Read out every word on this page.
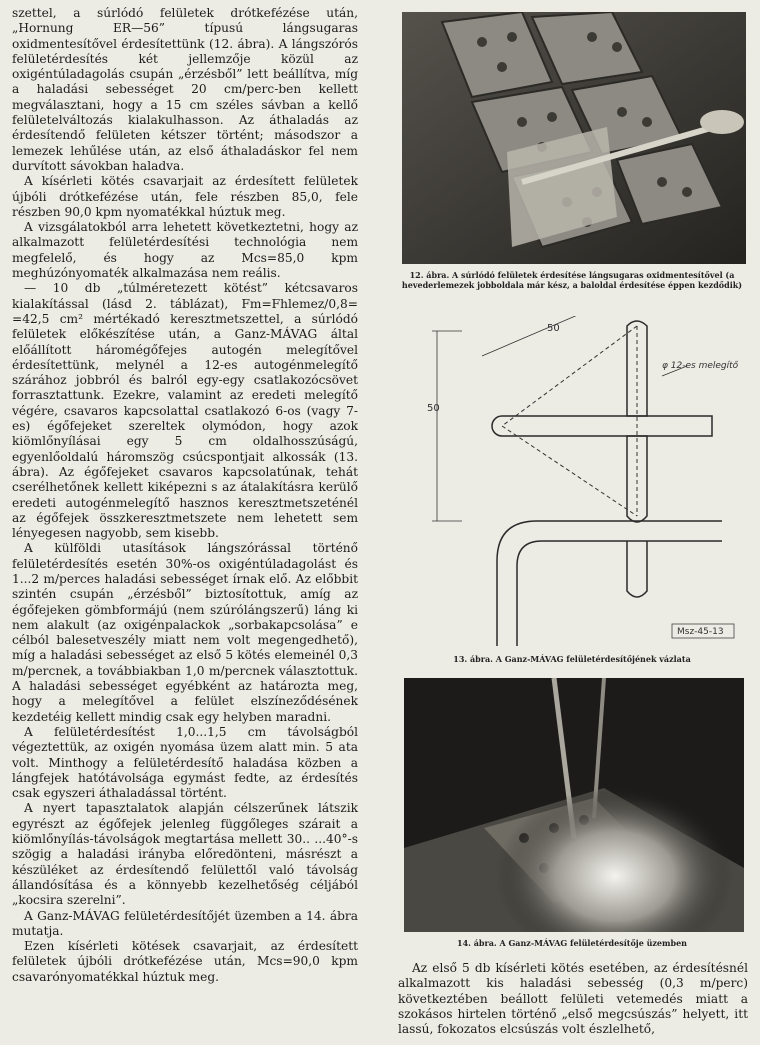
szettel, a súrlódó felületek drótkefézése után, „Hornung ER—56” típusú lángsugaras oxidmentesítővel érdesítettünk (12. ábra). A lángszórós felületérdesítés két jellemzője közül az oxigéntúladagolás csupán „érzésből” lett beállítva, míg a haladási sebességet 20 cm/perc-ben kellett megválasztani, hogy a 15 cm széles sávban a kellő felületelváltozás kialakulhasson. Az áthaladás az érdesítendő felületen kétszer történt; másodszor a lemezek lehűlése után, az első áthaladáskor fel nem durvított sávokban haladva.

A kísérleti kötés csavarjait az érdesített felületek újbóli drótkefézése után, fele részben 85,0, fele részben 90,0 kpm nyomatékkal húztuk meg.

A vizsgálatokból arra lehetett következtetni, hogy az alkalmazott felületérdesítési technológia nem megfelelő, és hogy az Mcs=85,0 kpm meghúzónyomaték alkalmazása nem reális.

— 10 db „túlméretezett kötést” kétcsavaros kialakítással (lásd 2. táblázat), Fm=Fhlemez/0,8= =42,5 cm² mértékadó keresztmetszettel, a súrlódó felületek előkészítése után, a Ganz-MÁVAG által előállított háromégőfejes autogén melegítővel érdesítettünk, melynél a 12-es autogénmelegítő szárához jobbról és balról egy-egy csatlakozócsövet forrasztattunk. Ezekre, valamint az eredeti melegítő végére, csavaros kapcsolattal csatlakozó 6-os (vagy 7-es) égőfejeket szereltek olymódon, hogy azok kiömlőnyílásai egy 5 cm oldalhosszúságú, egyenlőoldalú háromszög csúcspontjait alkossák (13. ábra). Az égőfejeket csavaros kapcsolatúnak, tehát cserélhetőnek kellett kiképezni s az átalakításra kerülő eredeti autogénmelegítő hasznos keresztmetszeténél az égőfejek összkeresztmetszete nem lehetett sem lényegesen nagyobb, sem kisebb.

A külföldi utasítások lángszórással történő felületérdesítés esetén 30%-os oxigéntúladagolást és 1...2 m/perces haladási sebességet írnak elő. Az előbbit szintén csupán „érzésből” biztosítottuk, amíg az égőfejeken gömbformájú (nem szúrólángszerű) láng ki nem alakult (az oxigénpalackok „sorbakapcsolása” e célból balesetveszély miatt nem volt megengedhető), míg a haladási sebességet az első 5 kötés elemeinél 0,3 m/percnek, a továbbiakban 1,0 m/percnek választottuk. A haladási sebességet egyébként az határozta meg, hogy a melegítővel a felület elszíneződésének kezdetéig kellett mindig csak egy helyben maradni.

A felületérdesítést 1,0...1,5 cm távolságból végeztettük, az oxigén nyomása üzem alatt min. 5 ata volt. Minthogy a felületérdesítő haladása közben a lángfejek hatótávolsága egymást fedte, az érdesítés csak egyszeri áthaladással történt.

A nyert tapasztalatok alapján célszerűnek látszik egyrészt az égőfejek jelenleg függőleges szárait a kiömlőnyílás-távolságok megtartása mellett 30.. ...40°-s szögig a haladási irányba előredönteni, másrészt a készüléket az érdesítendő felülettől való távolság állandósítása és a könnyebb kezelhetőség céljából „kocsira szerelni”.

A Ganz-MÁVAG felületérdesítőjét üzemben a 14. ábra mutatja.

Ezen kísérleti kötések csavarjait, az érdesített felületek újbóli drótkefézése után, Mcs=90,0 kpm csavarónyomatékkal húztuk meg.

12. ábra. A súrlódó felületek érdesítése lángsugaras oxidmentesítővel (a hevederlemezek jobboldala már kész, a baloldal érdesítése éppen kezdődik)
50
50
φ 12-es melegítő
Msz-45-13
13. ábra. A Ganz-MÁVAG felületérdesítőjének vázlata
14. ábra. A Ganz-MÁVAG felületérdesítője üzemben

Az első 5 db kísérleti kötés esetében, az érdesítésnél alkalmazott kis haladási sebesség (0,3 m/perc) következtében beállott felületi vetemedés miatt a szokásos hirtelen történő „első megcsúszás” helyett, itt lassú, fokozatos elcsúszás volt észlelhető,
